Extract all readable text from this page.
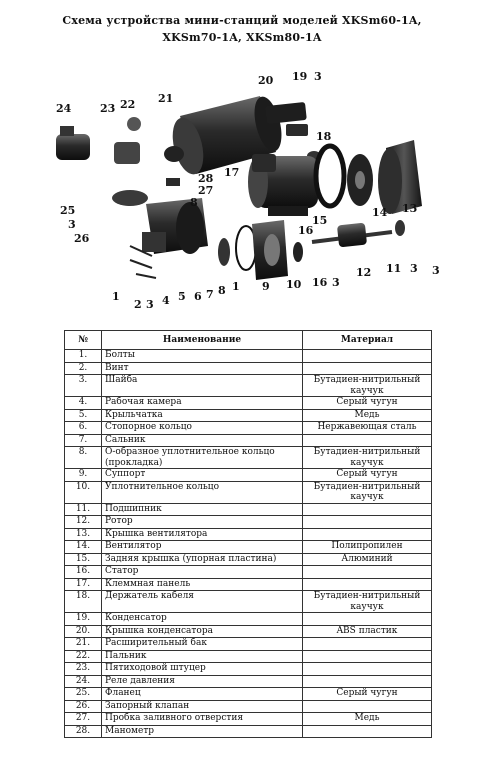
Схема устройства мини-станций моделей XKSm60-1A,
XKSm70-1A, XKSm80-1A
20 19 3
21
22
23
24
18
17
28
27
8
25
3
26
15
16
14 13
12 11 3
1
2 3 4 5 6 7 8 1 9 10 16 3
3
№	Наименование	Материал
1.	Болты	
2.	Винт	
3.	Шайба	Бутадиен-нитрильный каучук
4.	Рабочая камера	Серый чугун
5.	Крыльчатка	Медь
6.	Стопорное кольцо	Нержавеющая сталь
7.	Сальник	
8.	О-образное уплотнительное кольцо (прокладка)	Бутадиен-нитрильный каучук
9.	Суппорт	Серый чугун
10.	Уплотнительное кольцо	Бутадиен-нитрильный каучук
11.	Подшипник	
12.	Ротор	
13.	Крышка вентилятора	
14.	Вентилятор	Полипропилен
15.	Задняя крышка (упорная пластина)	Алюминий
16.	Статор	
17.	Клеммная панель	
18.	Держатель кабеля	Бутадиен-нитрильный каучук
19.	Конденсатор	
20.	Крышка конденсатора	ABS пластик
21.	Расширительный бак	
22.	Пальник	
23.	Пятиходовой штуцер	
24.	Реле давления	
25.	Фланец	Серый чугун
26.	Запорный клапан	
27.	Пробка заливного отверстия	Медь
28.	Манометр	
